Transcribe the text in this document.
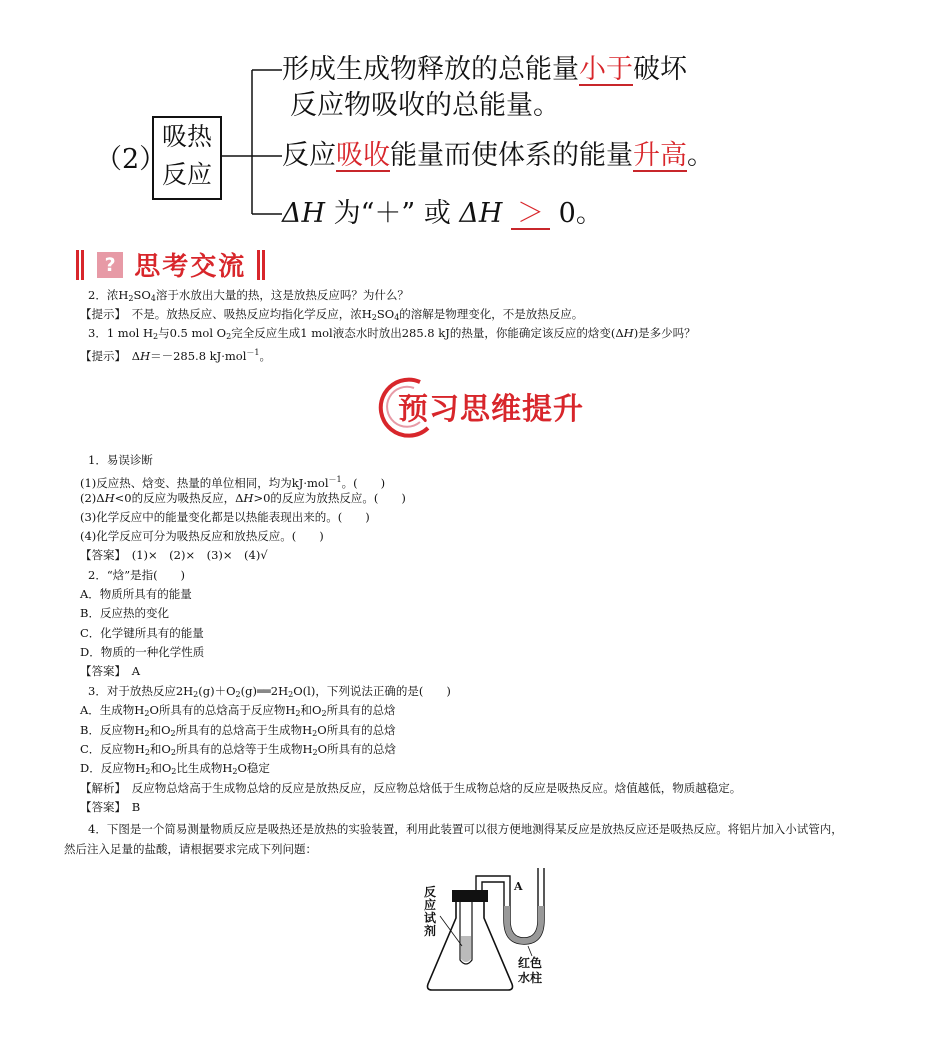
（2）
吸热
反应
形成生成物释放的总能量小于破坏
反应物吸收的总能量。
反应吸收能量而使体系的能量升高。
ΔH 为“＋” 或 ΔH ＞ 0。
? 思考交流
2．浓$H_2SO_4$溶于水放出大量的热，这是放热反应吗？为什么？
【提示】　不是。放热反应、吸热反应均指化学反应，浓$H_2SO_4$的溶解是物理变化，不是放热反应。
3．1 mol $H_2$与0.5 mol $O_2$完全反应生成1 mol液态水时放出285.8 kJ的热量，你能确定该反应的焓变(ΔH)是多少吗？
【提示】　ΔH＝－285.8 kJ·mol$^{-1}$。
预习思维提升
1．易误诊断
(1)反应热、焓变、热量的单位相同，均为kJ·mol$^{-1}$。(　　)
(2)ΔH<0的反应为吸热反应，ΔH>0的反应为放热反应。(　　)
(3)化学反应中的能量变化都是以热能表现出来的。(　　)
(4)化学反应可分为吸热反应和放热反应。(　　)
【答案】　(1)×　(2)×　(3)×　(4)√
2．“焓”是指(　　)
A．物质所具有的能量
B．反应热的变化
C．化学键所具有的能量
D．物质的一种化学性质
【答案】　A
3．对于放热反应$2H_2(g)+O_2(g)══2H_2O(l)$，下列说法正确的是(　　)
A．生成物$H_2O$所具有的总焓高于反应物$H_2$和$O_2$所具有的总焓
B．反应物$H_2$和$O_2$所具有的总焓高于生成物$H_2O$所具有的总焓
C．反应物$H_2$和$O_2$所具有的总焓等于生成物$H_2O$所具有的总焓
D．反应物$H_2$和$O_2$比生成物$H_2O$稳定
【解析】　反应物总焓高于生成物总焓的反应是放热反应，反应物总焓低于生成物总焓的反应是吸热反应。焓值越低，物质越稳定。
【答案】　B
4．下图是一个简易测量物质反应是吸热还是放热的实验装置，利用此装置可以很方便地测得某反应是放热反应还是吸热反应。将铝片加入小试管内，
然后注入足量的盐酸，请根据要求完成下列问题：
反
应
试
剂
A
红色
水柱
